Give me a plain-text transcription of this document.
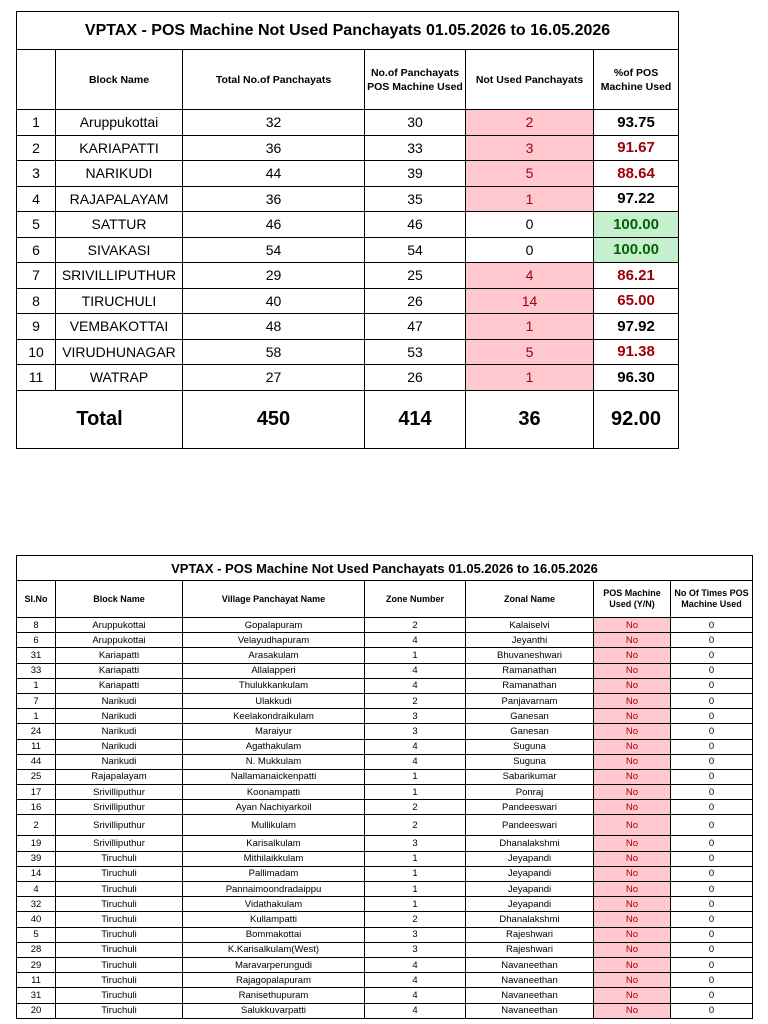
VPTAX - POS Machine Not Used Panchayats 01.05.2026 to 16.05.2026					
	Block Name	Total No.of Panchayats	No.of Panchayats POS Machine Used	Not Used Panchayats	%of POS Machine Used
1	Aruppukottai	32	30	2	93.75
2	KARIAPATTI	36	33	3	91.67
3	NARIKUDI	44	39	5	88.64
4	RAJAPALAYAM	36	35	1	97.22
5	SATTUR	46	46	0	100.00
6	SIVAKASI	54	54	0	100.00
7	SRIVILLIPUTHUR	29	25	4	86.21
8	TIRUCHULI	40	26	14	65.00
9	VEMBAKOTTAI	48	47	1	97.92
10	VIRUDHUNAGAR	58	53	5	91.38
11	WATRAP	27	26	1	96.30
Total		450	414	36	92.00
VPTAX - POS Machine Not Used Panchayats 01.05.2026 to 16.05.2026						
Sl.No	Block Name	Village Panchayat Name	Zone Number	Zonal Name	POS Machine Used (Y/N)	No Of Times POS Machine Used
8	Aruppukottai	Gopalapuram	2	Kalaiselvi	No	0
6	Aruppukottai	Velayudhapuram	4	Jeyanthi	No	0
31	Kariapatti	Arasakulam	1	Bhuvaneshwari	No	0
33	Kariapatti	Allalapperi	4	Ramanathan	No	0
1	Kariapatti	Thulukkankulam	4	Ramanathan	No	0
7	Narikudi	Ulakkudi	2	Panjavarnam	No	0
1	Narikudi	Keelakondraikulam	3	Ganesan	No	0
24	Narikudi	Maraiyur	3	Ganesan	No	0
11	Narikudi	Agathakulam	4	Suguna	No	0
44	Narikudi	N. Mukkulam	4	Suguna	No	0
25	Rajapalayam	Nallamanaickenpatti	1	Sabarikumar	No	0
17	Srivilliputhur	Koonampatti	1	Ponraj	No	0
16	Srivilliputhur	Ayan Nachiyarkoil	2	Pandeeswari	No	0
2	Srivilliputhur	Mullikulam	2	Pandeeswari	No	0
19	Srivilliputhur	Karisalkulam	3	Dhanalakshmi	No	0
39	Tiruchuli	Mithilaikkulam	1	Jeyapandi	No	0
14	Tiruchuli	Pallimadam	1	Jeyapandi	No	0
4	Tiruchuli	Pannaimoondradaippu	1	Jeyapandi	No	0
32	Tiruchuli	Vidathakulam	1	Jeyapandi	No	0
40	Tiruchuli	Kullampatti	2	Dhanalakshmi	No	0
5	Tiruchuli	Bommakottai	3	Rajeshwari	No	0
28	Tiruchuli	K.Karisalkulam(West)	3	Rajeshwari	No	0
29	Tiruchuli	Maravarperungudi	4	Navaneethan	No	0
11	Tiruchuli	Rajagopalapuram	4	Navaneethan	No	0
31	Tiruchuli	Ranisethupuram	4	Navaneethan	No	0
20	Tiruchuli	Salukkuvarpatti	4	Navaneethan	No	0
